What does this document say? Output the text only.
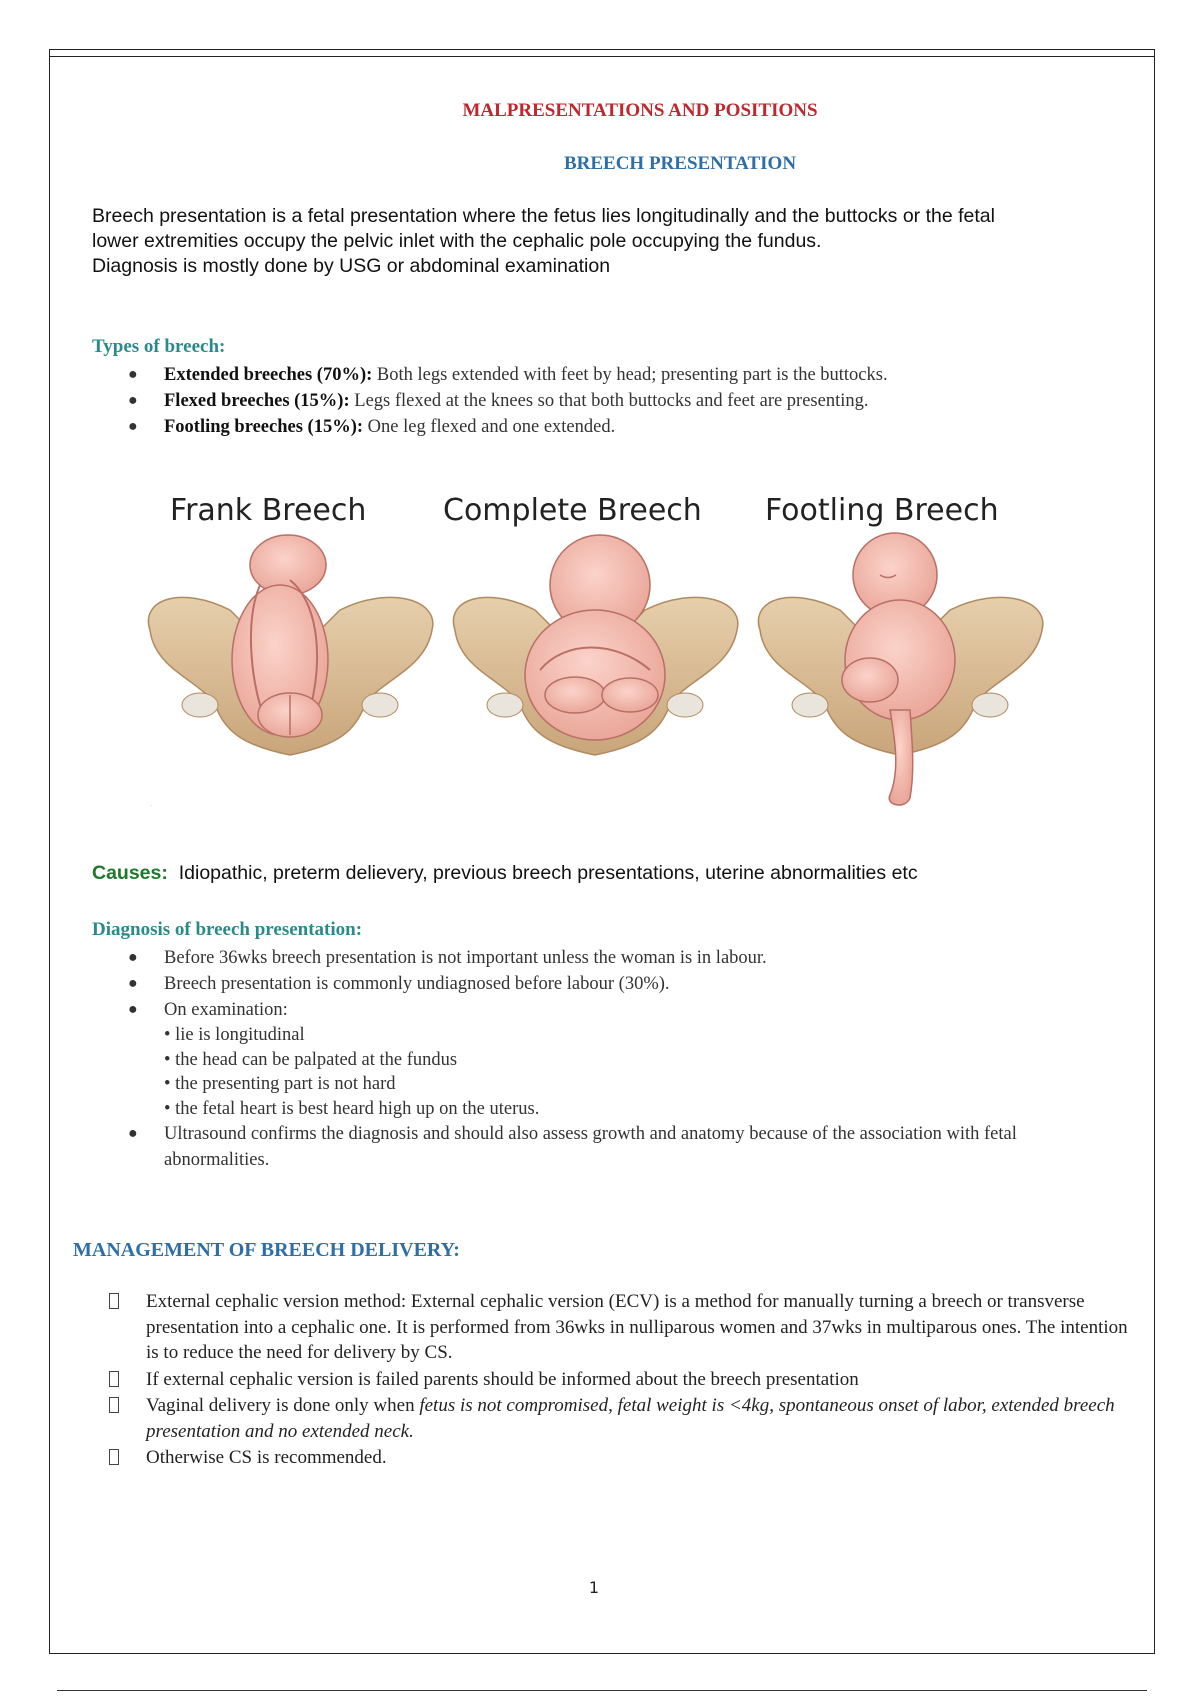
MALPRESENTATIONS AND POSITIONS
BREECH PRESENTATION

Breech presentation is a fetal presentation where the fetus lies longitudinally and the buttocks or the fetal lower extremities occupy the pelvic inlet with the cephalic pole occupying the fundus.

Diagnosis is mostly done by USG or abdominal examination

Types of breech:
● Extended breeches (70%): Both legs extended with feet by head; presenting part is the buttocks.
● Flexed breeches (15%): Legs flexed at the knees so that both buttocks and feet are presenting.
● Footling breeches (15%): One leg flexed and one extended.
Frank Breech	Complete Breech Footling Breech
.
Causes: Idiopathic, preterm delievery, previous breech presentations, uterine abnormalities etc
Diagnosis of breech presentation:
● Before 36wks breech presentation is not important unless the woman is in labour.
● Breech presentation is commonly undiagnosed before labour (30%).
● On examination:
• lie is longitudinal
• the head can be palpated at the fundus
• the presenting part is not hard
• the fetal heart is best heard high up on the uterus.
● Ultrasound confirms the diagnosis and should also assess growth and anatomy because of the association with fetal abnormalities.
MANAGEMENT OF BREECH DELIVERY:
External cephalic version method: External cephalic version (ECV) is a method for manually turning a breech or transverse presentation into a cephalic one. It is performed from 36wks in nulliparous women and 37wks in multiparous ones. The intention is to reduce the need for delivery by CS.
If external cephalic version is failed parents should be informed about the breech presentation
Vaginal delivery is done only when fetus is not compromised, fetal weight is <4kg, spontaneous onset of labor, extended breech presentation and no extended neck.
Otherwise CS is recommended.
1
